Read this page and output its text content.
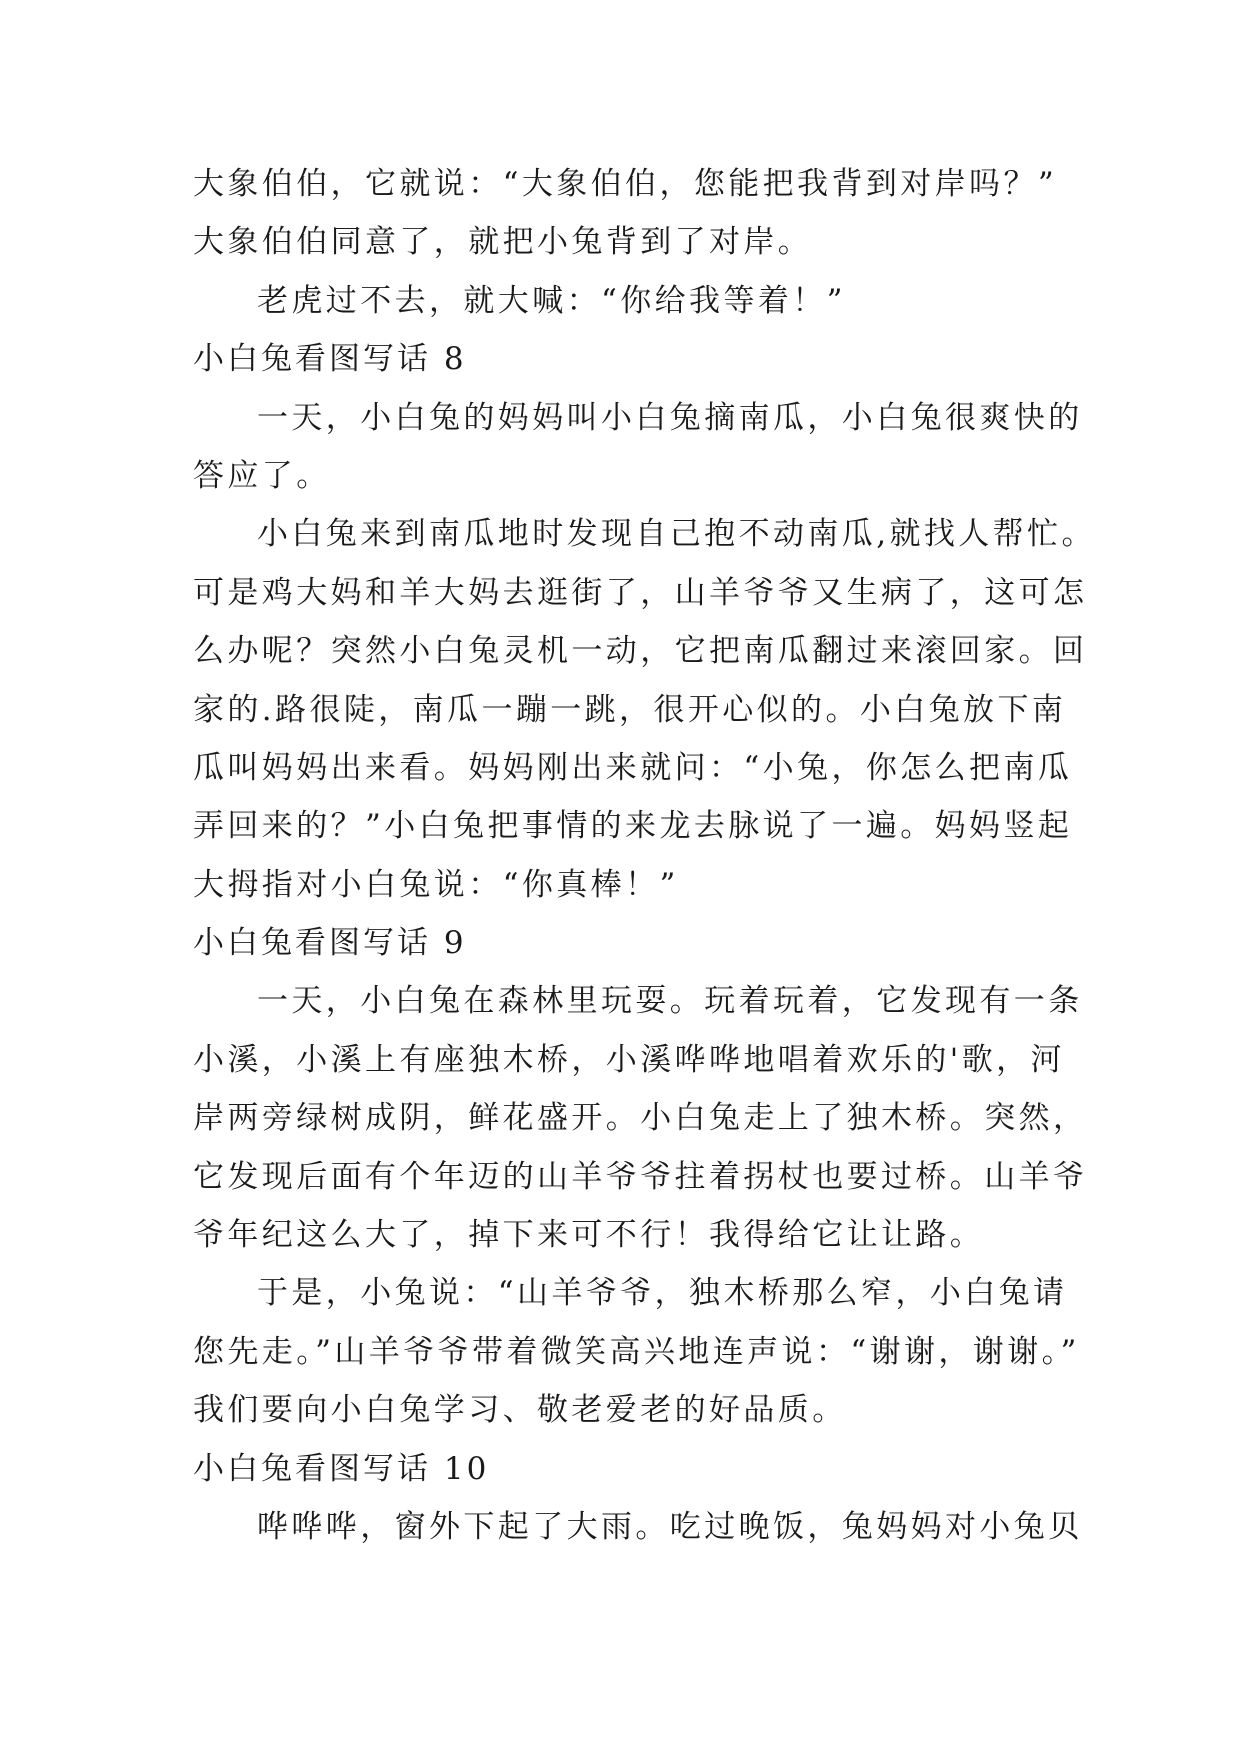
大象伯伯，它就说：“大象伯伯，您能把我背到对岸吗？”
大象伯伯同意了，就把小兔背到了对岸。
老虎过不去，就大喊：“你给我等着！”
小白兔看图写话 8
一天，小白兔的妈妈叫小白兔摘南瓜，小白兔很爽快的
答应了。
小白兔来到南瓜地时发现自己抱不动南瓜,就找人帮忙。
可是鸡大妈和羊大妈去逛街了，山羊爷爷又生病了，这可怎
么办呢？突然小白兔灵机一动，它把南瓜翻过来滚回家。回
家的.路很陡，南瓜一蹦一跳，很开心似的。小白兔放下南
瓜叫妈妈出来看。妈妈刚出来就问：“小兔，你怎么把南瓜
弄回来的？”小白兔把事情的来龙去脉说了一遍。妈妈竖起
大拇指对小白兔说：“你真棒！”
小白兔看图写话 9
一天，小白兔在森林里玩耍。玩着玩着，它发现有一条
小溪，小溪上有座独木桥，小溪哗哗地唱着欢乐的'歌，河
岸两旁绿树成阴，鲜花盛开。小白兔走上了独木桥。突然，
它发现后面有个年迈的山羊爷爷拄着拐杖也要过桥。山羊爷
爷年纪这么大了，掉下来可不行！我得给它让让路。
于是，小兔说：“山羊爷爷，独木桥那么窄，小白兔请
您先走。”山羊爷爷带着微笑高兴地连声说：“谢谢，谢谢。”
我们要向小白兔学习、敬老爱老的好品质。
小白兔看图写话 10
哗哗哗，窗外下起了大雨。吃过晚饭，兔妈妈对小兔贝
